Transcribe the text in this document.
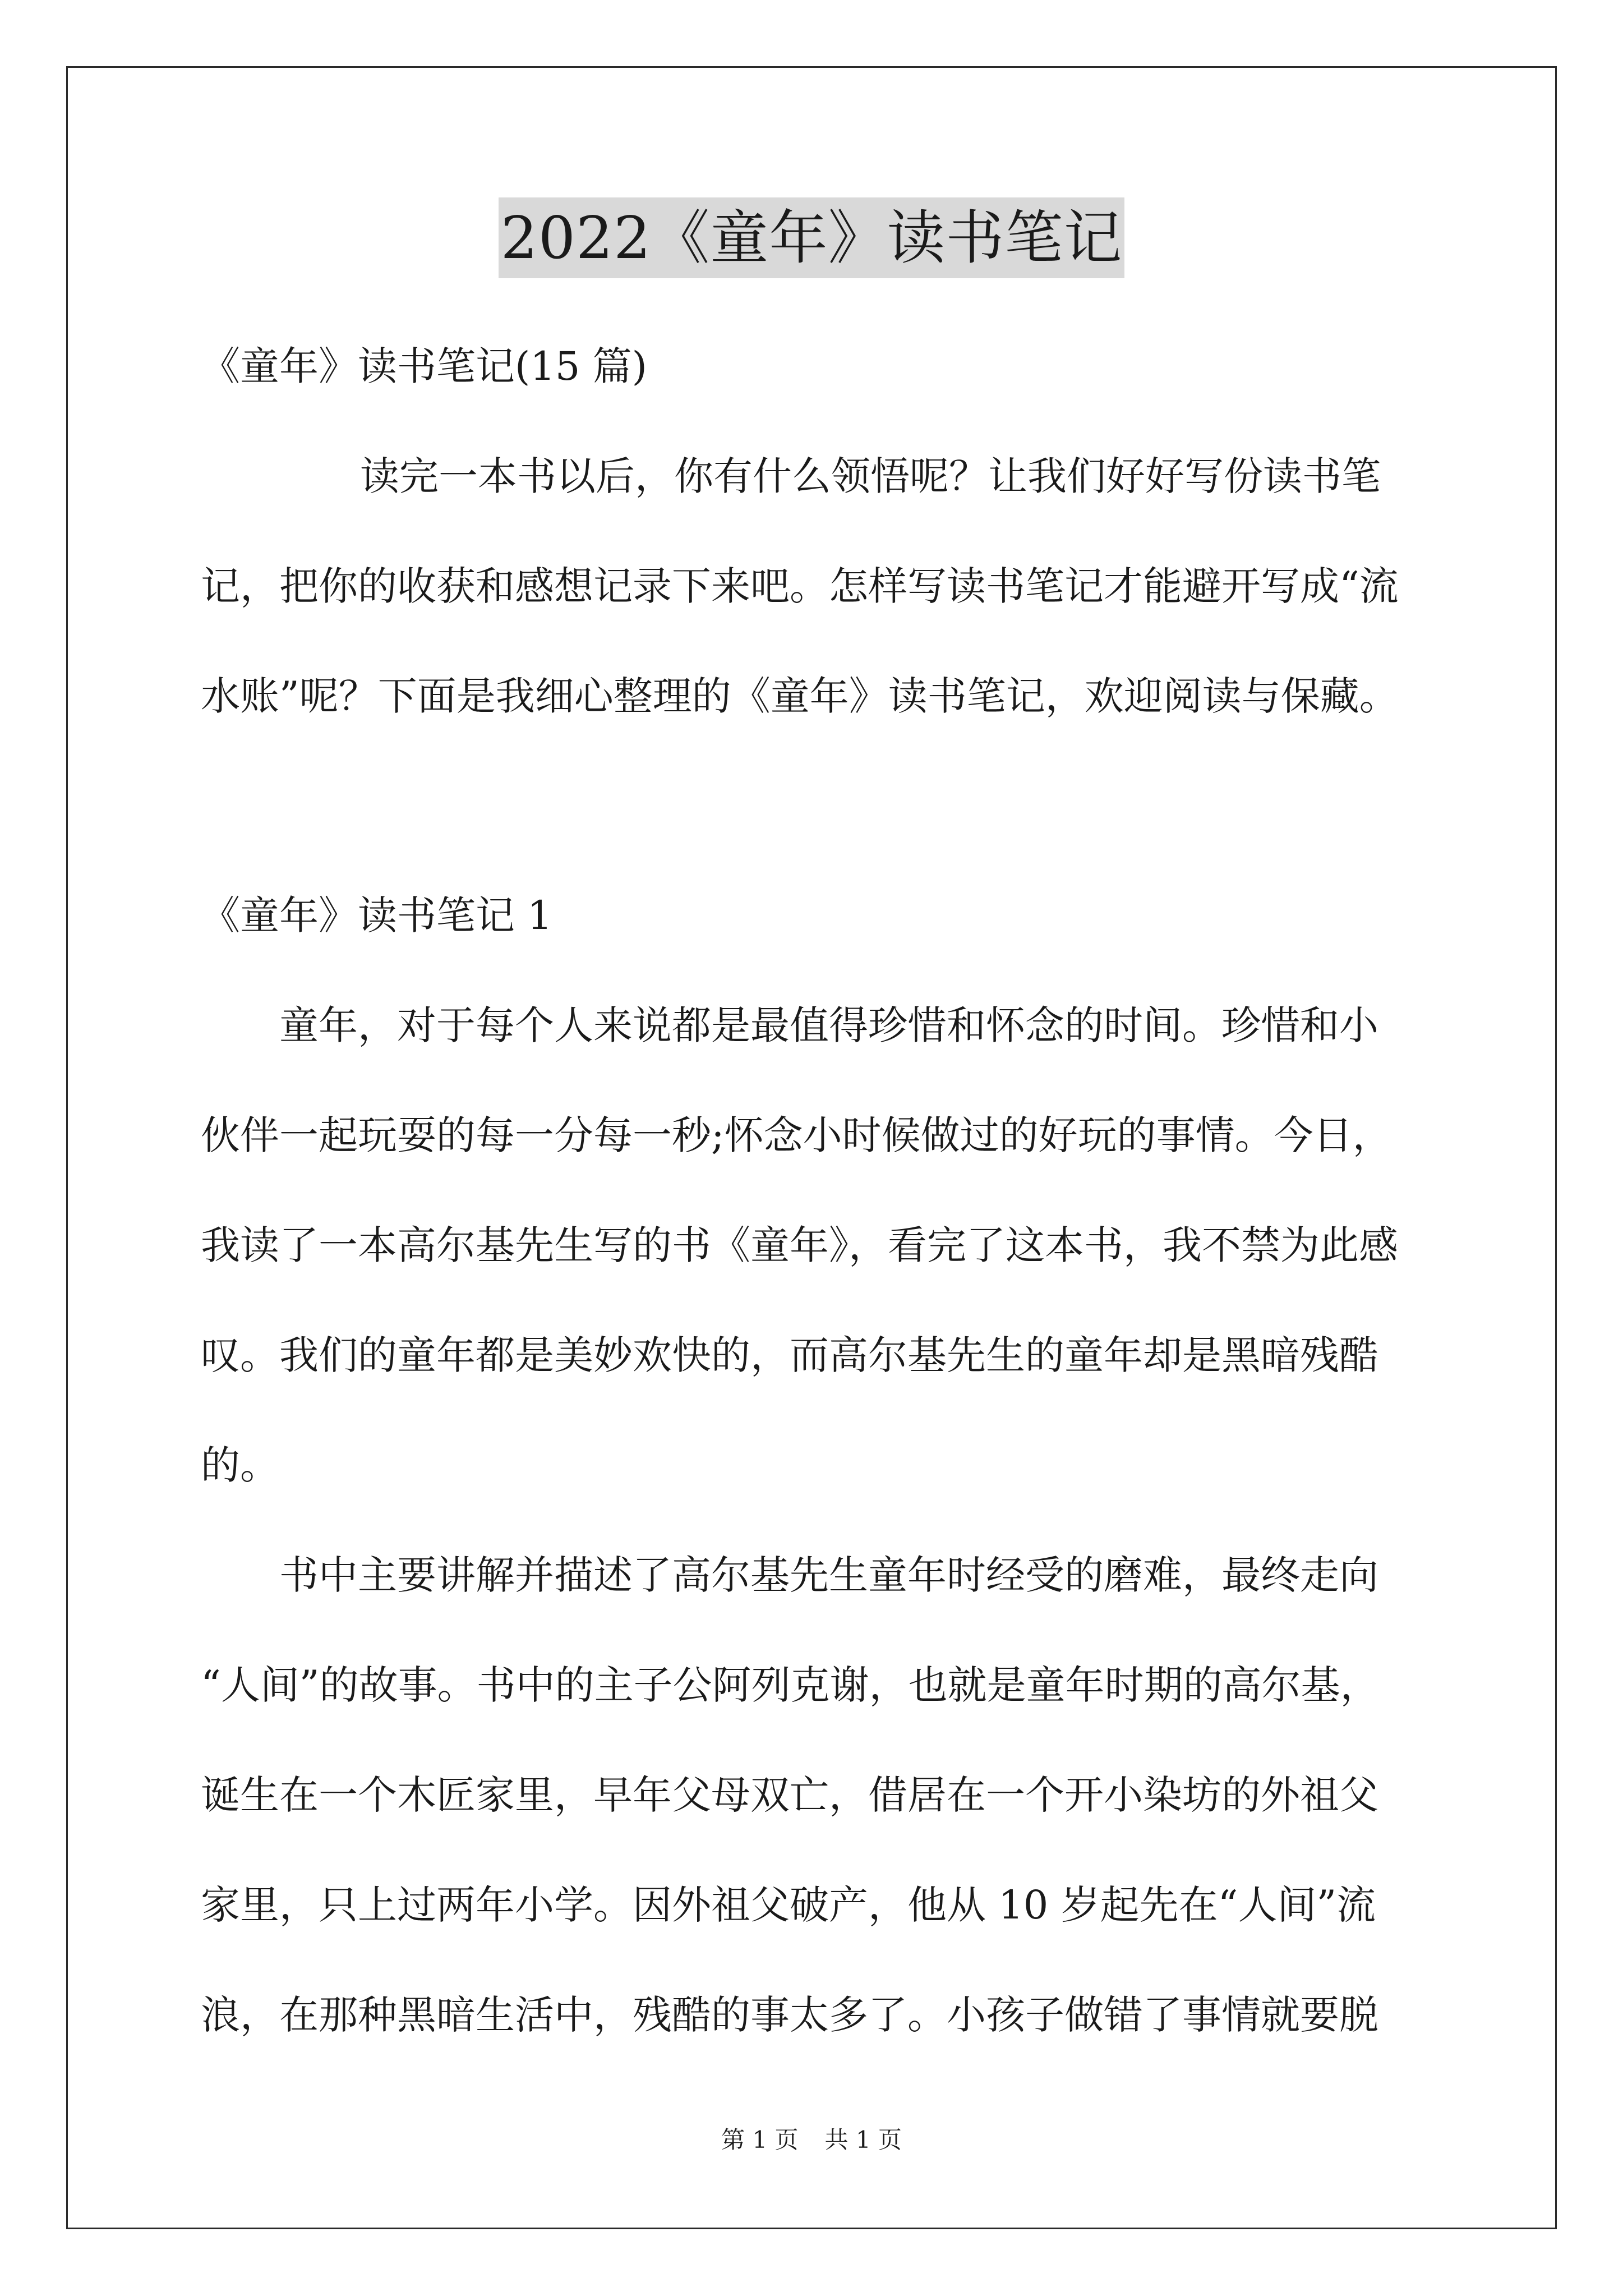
2022《童年》读书笔记

《童年》读书笔记(15 篇)

读完一本书以后，你有什么领悟呢？让我们好好写份读书笔

记，把你的收获和感想记录下来吧。怎样写读书笔记才能避开写成“流

水账”呢？下面是我细心整理的《童年》读书笔记，欢迎阅读与保藏。

《童年》读书笔记 1

童年，对于每个人来说都是最值得珍惜和怀念的时间。珍惜和小

伙伴一起玩耍的每一分每一秒;怀念小时候做过的好玩的事情。今日，

我读了一本高尔基先生写的书《童年》，看完了这本书，我不禁为此感

叹。我们的童年都是美妙欢快的，而高尔基先生的童年却是黑暗残酷

的。

书中主要讲解并描述了高尔基先生童年时经受的磨难，最终走向

“人间”的故事。书中的主子公阿列克谢，也就是童年时期的高尔基，

诞生在一个木匠家里，早年父母双亡，借居在一个开小染坊的外祖父

家里，只上过两年小学。因外祖父破产，他从 10 岁起先在“人间”流

浪，在那种黑暗生活中，残酷的事太多了。小孩子做错了事情就要脱

第 1 页 共 1 页
